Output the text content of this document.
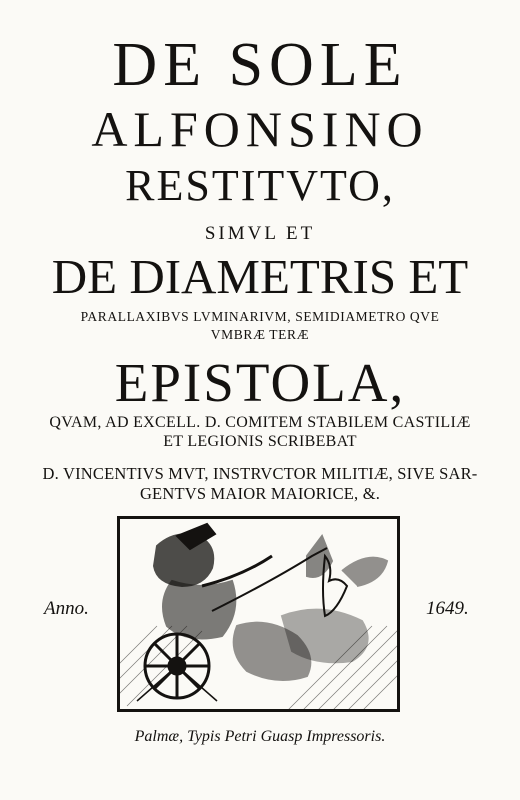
DE SOLE
ALFONSINO
RESTITVTO,
SIMVL ET
DE DIAMETRIS ET
PARALLAXIBVS LVMINARIVM, SEMIDIAMETRO QVE
VMBRÆ TERÆ
EPISTOLA,
QVAM, AD EXCELL. D. COMITEM STABILEM CASTILIÆ
ET LEGIONIS SCRIBEBAT
D. VINCENTIVS MVT, INSTRVCTOR MILITIÆ, SIVE SAR-
GENTVS MAIOR MAIORICE, &.
Anno.	1649.
Palmæ, Typis Petri Guasp Impressoris.
